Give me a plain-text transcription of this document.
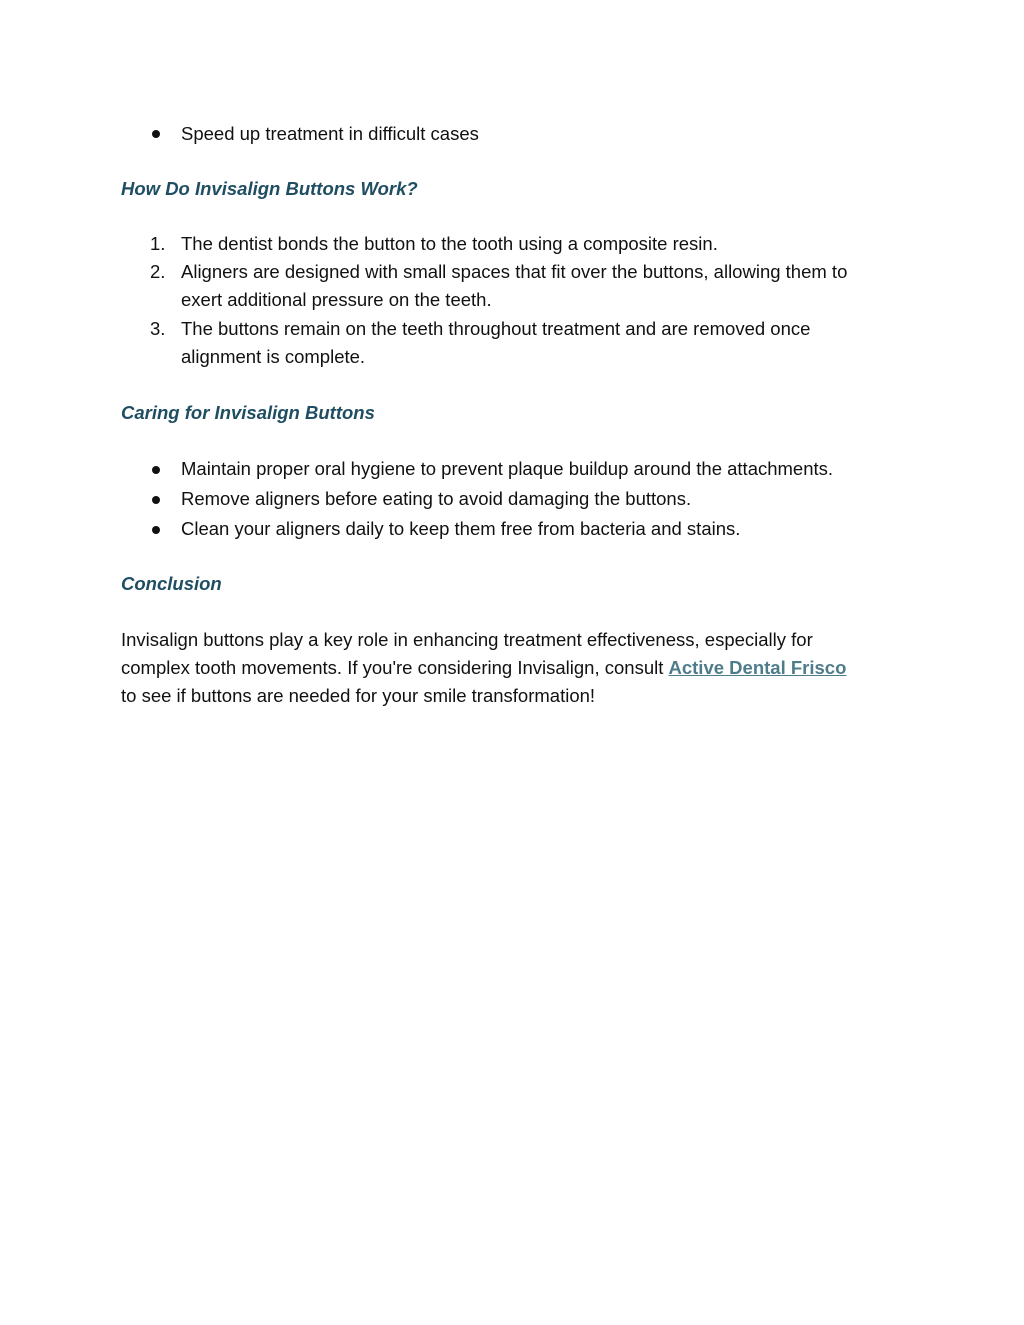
Speed up treatment in difficult cases
How Do Invisalign Buttons Work?
1. The dentist bonds the button to the tooth using a composite resin.
2. Aligners are designed with small spaces that fit over the buttons, allowing them to
exert additional pressure on the teeth.
3. The buttons remain on the teeth throughout treatment and are removed once
alignment is complete.
Caring for Invisalign Buttons
Maintain proper oral hygiene to prevent plaque buildup around the attachments.
Remove aligners before eating to avoid damaging the buttons.
Clean your aligners daily to keep them free from bacteria and stains.
Conclusion
Invisalign buttons play a key role in enhancing treatment effectiveness, especially for
complex tooth movements. If you're considering Invisalign, consult Active Dental Frisco
to see if buttons are needed for your smile transformation!
